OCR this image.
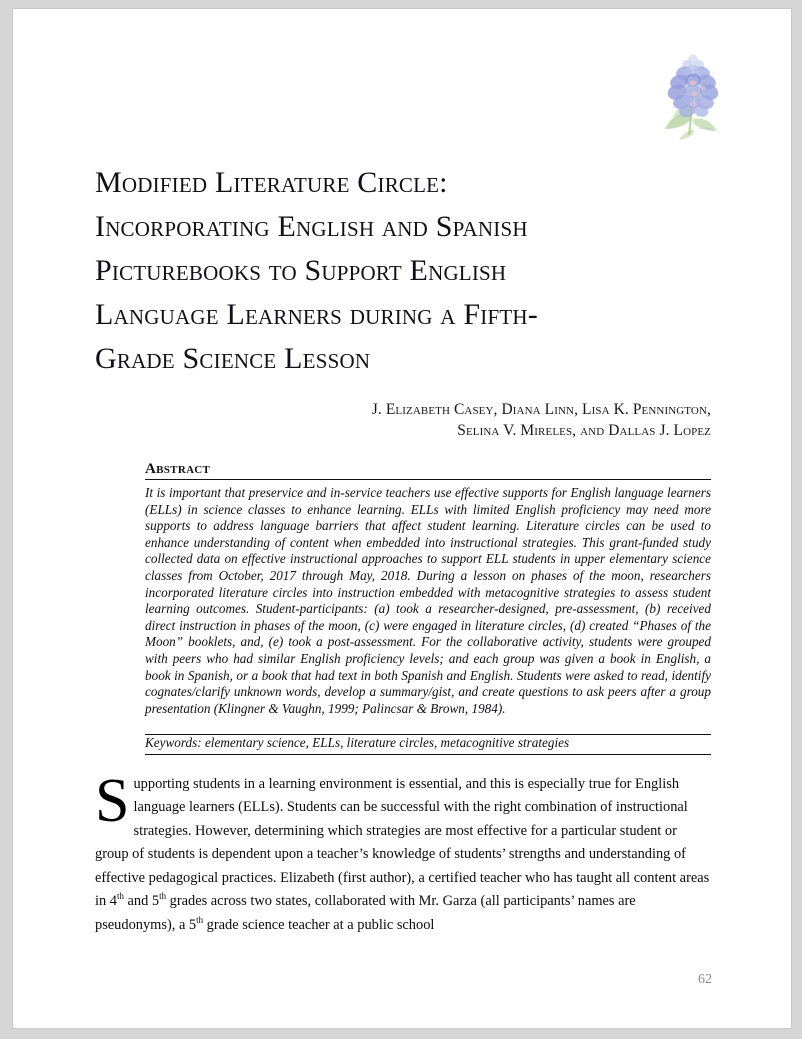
Modified Literature Circle:
Incorporating English and Spanish
Picturebooks to Support English
Language Learners during a Fifth-
Grade Science Lesson

J. Elizabeth Casey, Diana Linn, Lisa K. Pennington,
Selina V. Mireles, and Dallas J. Lopez

Abstract

It is important that preservice and in-service teachers use effective supports for English language learners (ELLs) in science classes to enhance learning. ELLs with limited English proficiency may need more supports to address language barriers that affect student learning. Literature circles can be used to enhance understanding of content when embedded into instructional strategies. This grant-funded study collected data on effective instructional approaches to support ELL students in upper elementary science classes from October, 2017 through May, 2018. During a lesson on phases of the moon, researchers incorporated literature circles into instruction embedded with metacognitive strategies to assess student learning outcomes. Student-participants: (a) took a researcher-designed, pre-assessment, (b) received direct instruction in phases of the moon, (c) were engaged in literature circles, (d) created “Phases of the Moon” booklets, and, (e) took a post-assessment. For the collaborative activity, students were grouped with peers who had similar English proficiency levels; and each group was given a book in English, a book in Spanish, or a book that had text in both Spanish and English. Students were asked to read, identify cognates/clarify unknown words, develop a summary/gist, and create questions to ask peers after a group presentation (Klingner & Vaughn, 1999; Palincsar & Brown, 1984).

Keywords: elementary science, ELLs, literature circles, metacognitive strategies

Supporting students in a learning environment is essential, and this is especially true for English language learners (ELLs). Students can be successful with the right combination of instructional strategies. However, determining which strategies are most effective for a particular student or group of students is dependent upon a teacher’s knowledge of students’ strengths and understanding of effective pedagogical practices. Elizabeth (first author), a certified teacher who has taught all content areas in 4th and 5th grades across two states, collaborated with Mr. Garza (all participants’ names are pseudonyms), a 5th grade science teacher at a public school

62
